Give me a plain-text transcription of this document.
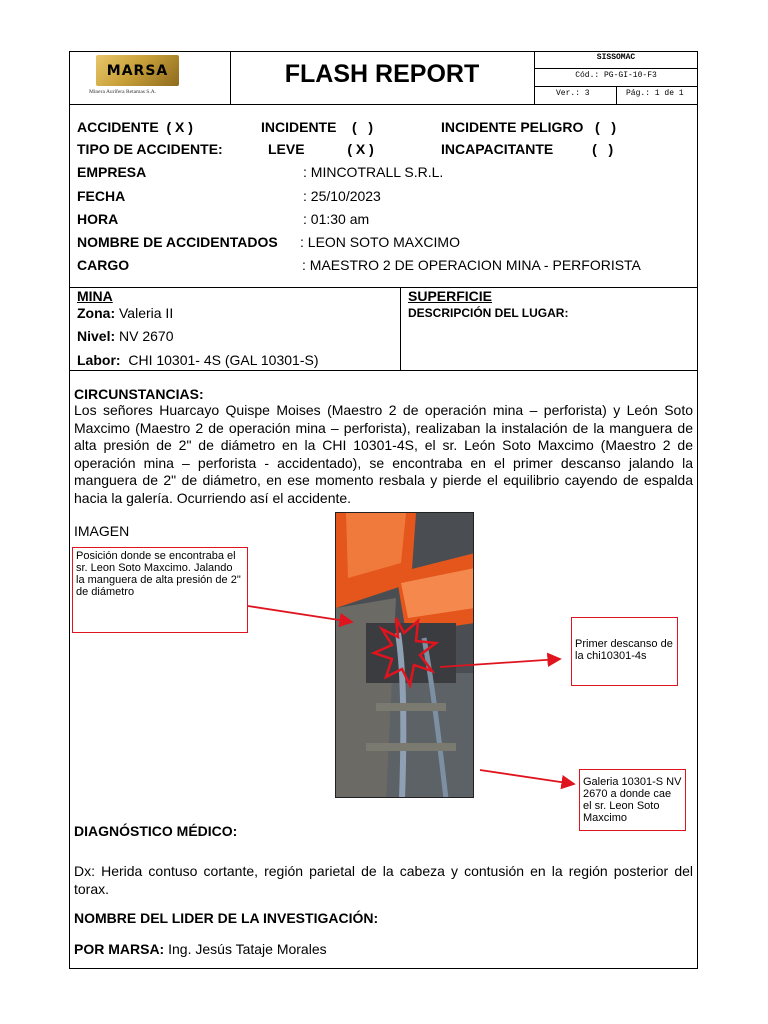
MARSA
Minera Aurífera Retamas S.A.
FLASH REPORT
SISSOMAC
Cód.: PG-GI-10-F3
Ver.: 3	Pág.: 1 de 1
ACCIDENTE  ( X )	INCIDENTE    (   )	INCIDENTE PELIGRO   (   )
TIPO DE ACCIDENTE:	LEVE           ( X )	INCAPACITANTE          (   )
EMPRESA	: MINCOTRALL S.R.L.
FECHA	: 25/10/2023
HORA	: 01:30 am
NOMBRE DE ACCIDENTADOS : LEON SOTO MAXCIMO
CARGO	: MAESTRO 2 DE OPERACION MINA - PERFORISTA
MINA
Zona: Valeria II
Nivel: NV 2670
Labor:  CHI 10301- 4S (GAL 10301-S)
SUPERFICIE
DESCRIPCIÓN DEL LUGAR:
CIRCUNSTANCIAS:
Los señores Huarcayo Quispe Moises (Maestro 2 de operación mina – perforista) y León Soto Maxcimo (Maestro 2 de operación mina – perforista), realizaban la instalación de la manguera de alta presión de 2" de diámetro en la CHI 10301-4S, el sr. León Soto Maxcimo (Maestro 2 de operación mina – perforista - accidentado), se encontraba en el primer descanso jalando la manguera de 2" de diámetro, en ese momento resbala y pierde el equilibrio cayendo de espalda hacia la galería. Ocurriendo así el accidente.
IMAGEN
Posición donde se encontraba el sr. Leon Soto Maxcimo. Jalando la manguera de alta presión de 2" de diámetro
Primer descanso de la chi10301-4s
Galeria 10301-S NV 2670 a donde cae el sr. Leon Soto Maxcimo
DIAGNÓSTICO MÉDICO:
Dx: Herida contuso cortante, región parietal de la cabeza y contusión en la región posterior del torax.
NOMBRE DEL LIDER DE LA INVESTIGACIÓN:
POR MARSA: Ing. Jesús Tataje Morales
